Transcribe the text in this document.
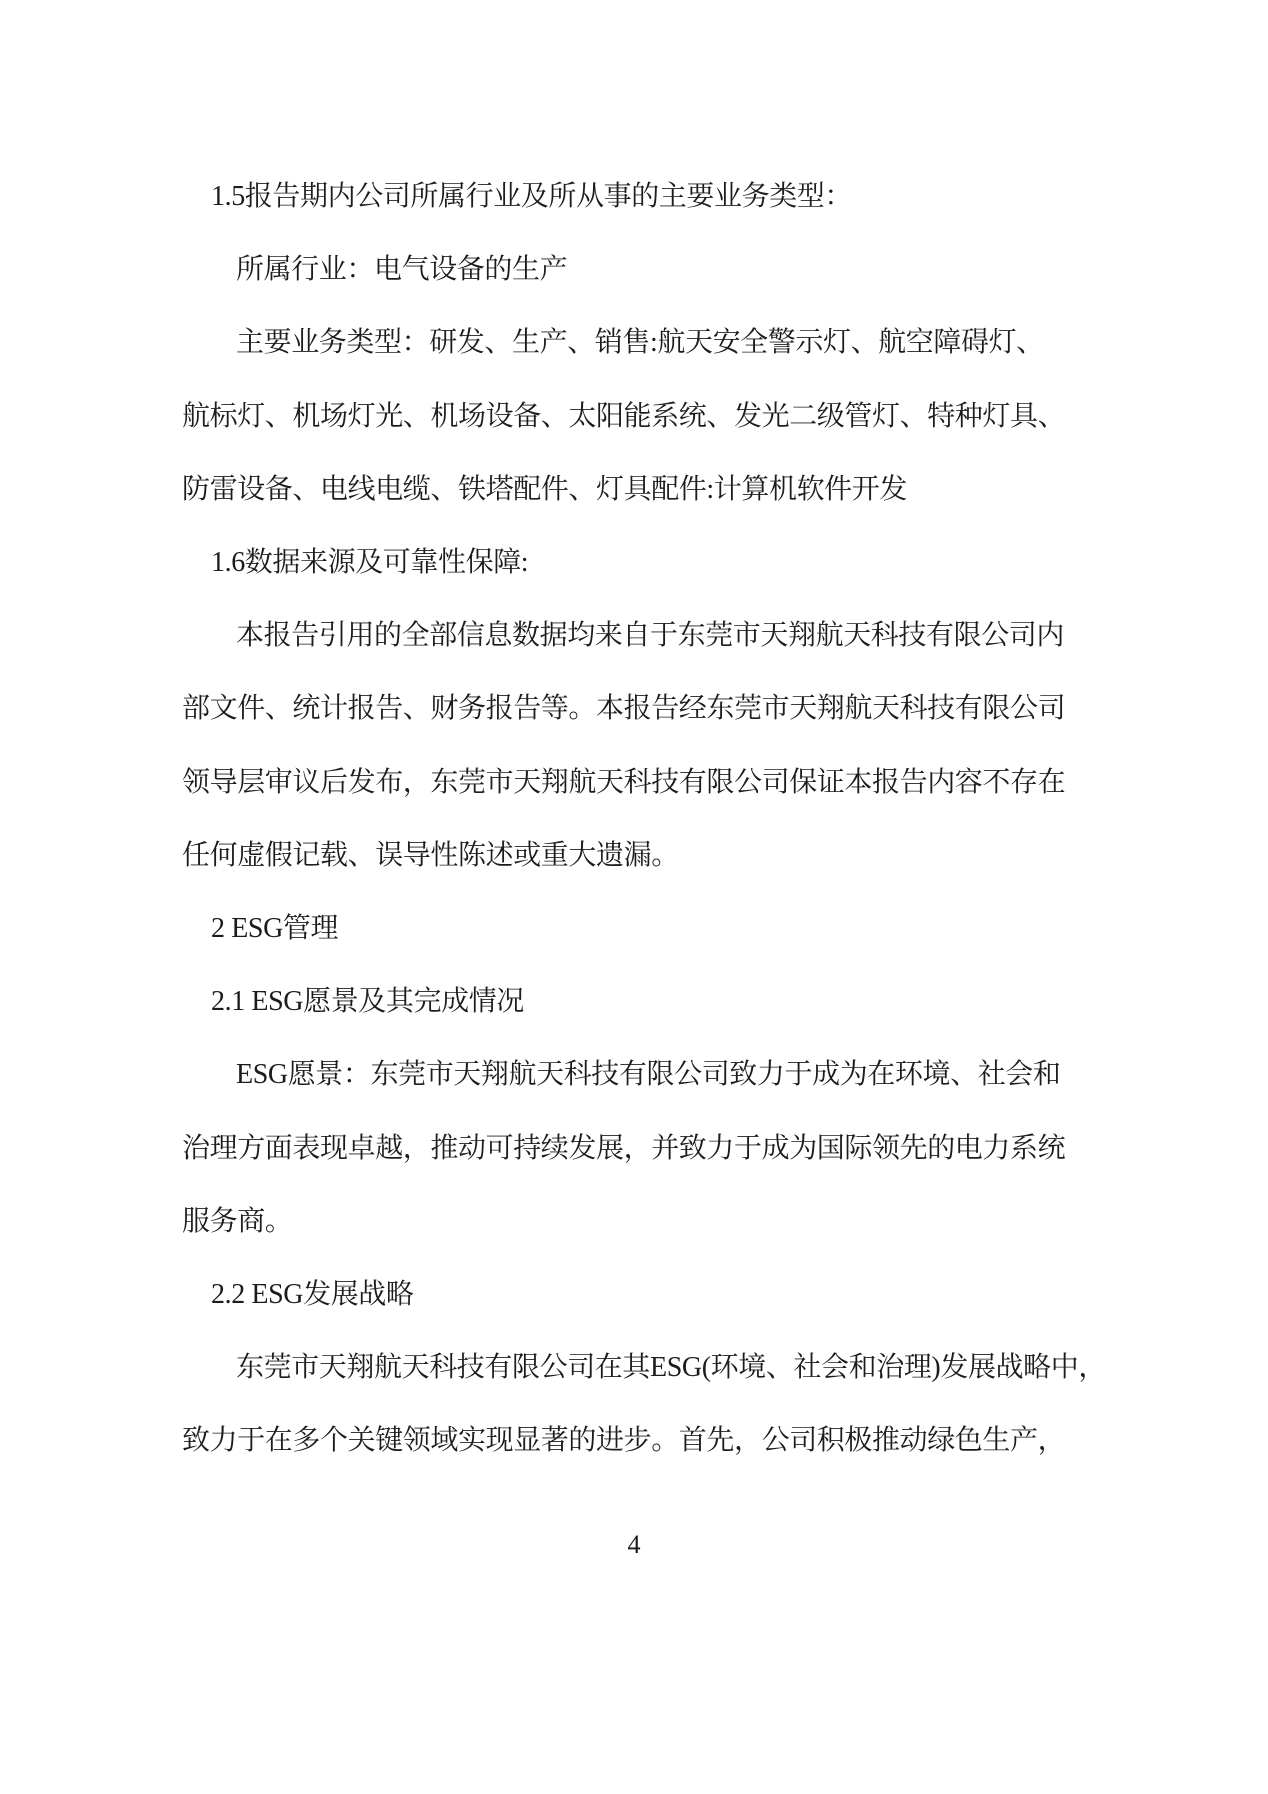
1.5报告期内公司所属行业及所从事的主要业务类型：

所属行业：电气设备的生产

主要业务类型：研发、生产、销售:航天安全警示灯、航空障碍灯、

航标灯、机场灯光、机场设备、太阳能系统、发光二级管灯、特种灯具、

防雷设备、电线电缆、铁塔配件、灯具配件:计算机软件开发

1.6数据来源及可靠性保障:

本报告引用的全部信息数据均来自于东莞市天翔航天科技有限公司内

部文件、统计报告、财务报告等。本报告经东莞市天翔航天科技有限公司

领导层审议后发布，东莞市天翔航天科技有限公司保证本报告内容不存在

任何虚假记载、误导性陈述或重大遗漏。

2 ESG管理

2.1 ESG愿景及其完成情况

ESG愿景：东莞市天翔航天科技有限公司致力于成为在环境、社会和

治理方面表现卓越，推动可持续发展，并致力于成为国际领先的电力系统

服务商。

2.2 ESG发展战略

东莞市天翔航天科技有限公司在其ESG(环境、社会和治理)发展战略中，

致力于在多个关键领域实现显著的进步。首先，公司积极推动绿色生产，

4
